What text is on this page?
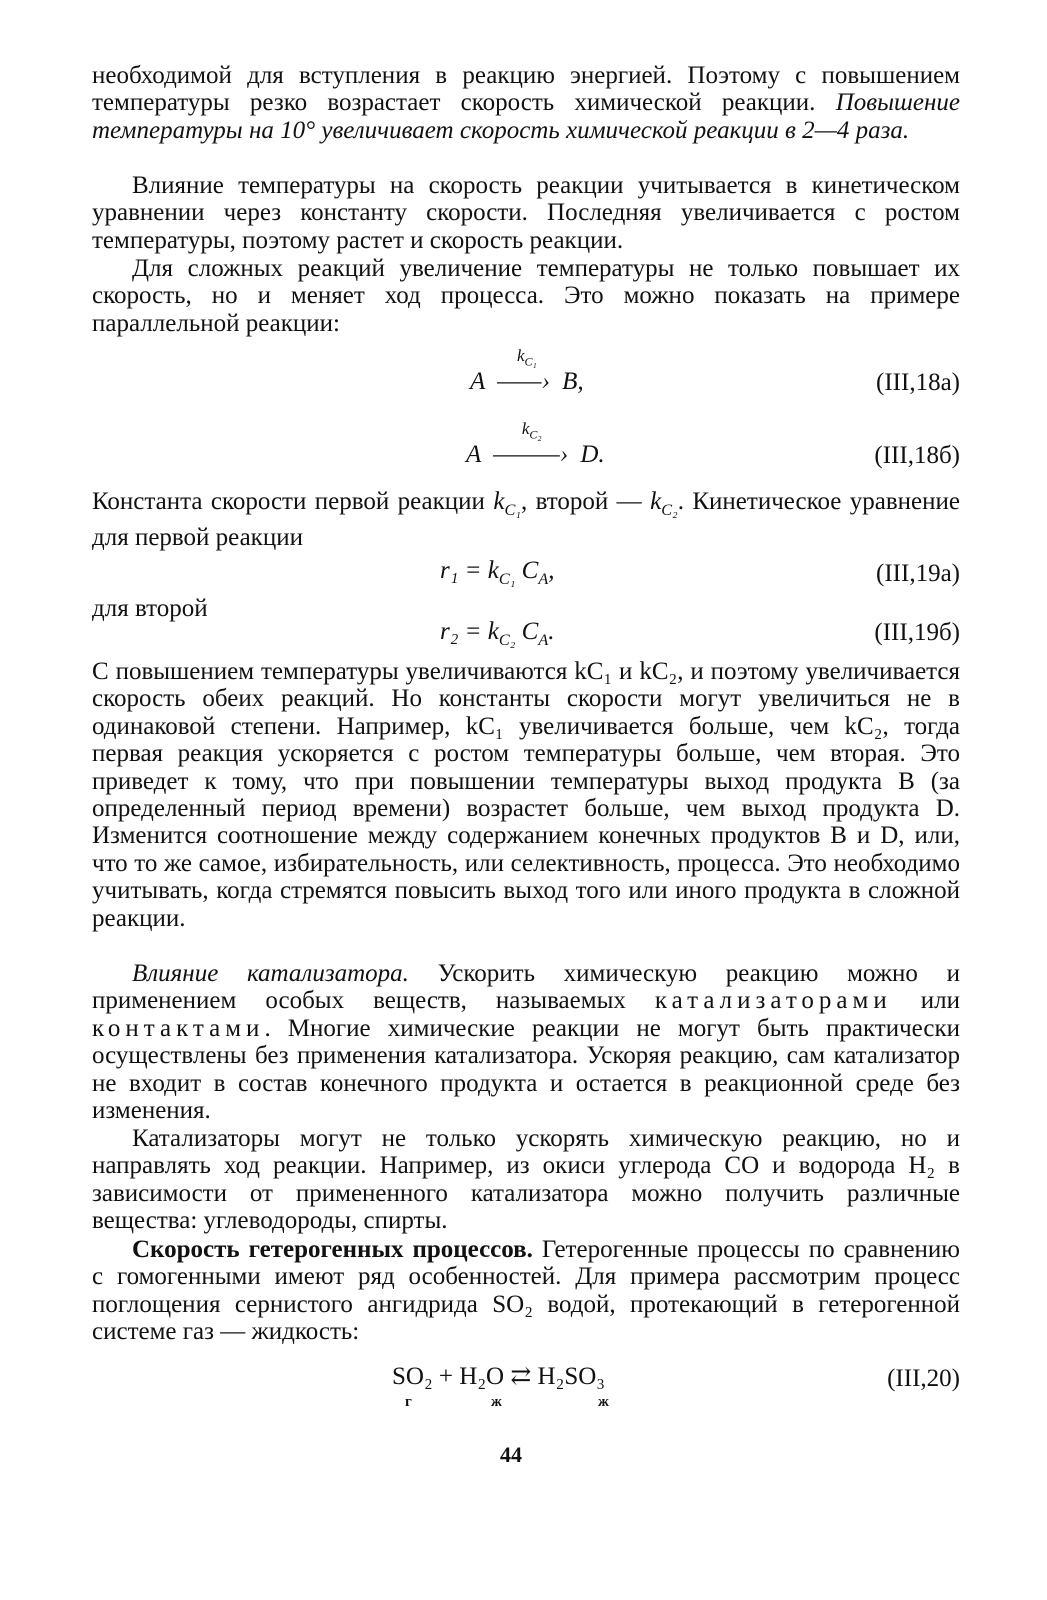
необходимой для вступления в реакцию энергией. Поэтому с повышением температуры резко возрастает скорость химической реакции. Повышение температуры на 10° увеличивает скорость химической реакции в 2—4 раза.

Влияние температуры на скорость реакции учитывается в кинетическом уравнении через константу скорости. Последняя увеличивается с ростом температуры, поэтому растет и скорость реакции.

Для сложных реакций увеличение температуры не только повышает их скорость, но и меняет ход процесса. Это можно показать на примере параллельной реакции:

A
$k_{C_1}$
——› B,	(III,18a)
A
$k_{C_2}$
———› D.	(III,18б)

Константа скорости первой реакции $k_{C_1}$, второй — $k_{C_2}$. Кинетическое уравнение для первой реакции

$r_1 = k_{C_1}$ $C_A$,	(III,19a)
для второй
$r_2 = k_{C_2}$ $C_A$.	(III,19б)

С повышением температуры увеличиваются kC₁ и kC₂, и поэтому увеличивается скорость обеих реакций. Но константы скорости могут увеличиться не в одинаковой степени. Например, kC₁ увеличивается больше, чем kC₂, тогда первая реакция ускоряется с ростом температуры больше, чем вторая. Это приведет к тому, что при повышении температуры выход продукта B (за определенный период времени) возрастет больше, чем выход продукта D. Изменится соотношение между содержанием конечных продуктов B и D, или, что то же самое, избирательность, или селективность, процесса. Это необходимо учитывать, когда стремятся повысить выход того или иного продукта в сложной реакции.

Влияние катализатора. Ускорить химическую реакцию можно и применением особых веществ, называемых катализаторами или контактами. Многие химические реакции не могут быть практически осуществлены без применения катализатора. Ускоряя реакцию, сам катализатор не входит в состав конечного продукта и остается в реакционной среде без изменения.

Катализаторы могут не только ускорять химическую реакцию, но и направлять ход реакции. Например, из окиси углерода CO и водорода H₂ в зависимости от примененного катализатора можно получить различные вещества: углеводороды, спирты.

Скорость гетерогенных процессов. Гетерогенные процессы по сравнению с гомогенными имеют ряд особенностей. Для примера рассмотрим процесс поглощения сернистого ангидрида SO₂ водой, протекающий в гетерогенной системе газ — жидкость:

SO₂ + H₂O ⇄ H₂SO₃	(III,20)
г	ж	ж
44
